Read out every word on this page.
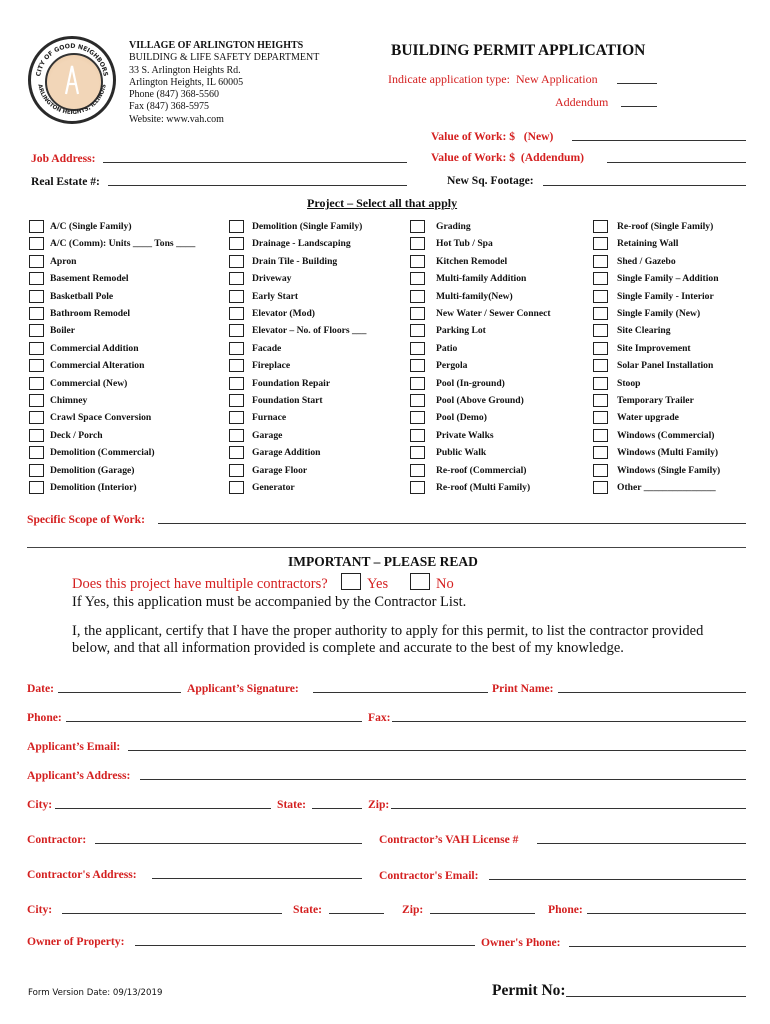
CITY OF GOOD NEIGHBORS
ARLINGTON HEIGHTS, ILLINOIS
VILLAGE OF ARLINGTON HEIGHTS
BUILDING & LIFE SAFETY DEPARTMENT
33 S. Arlington Heights Rd.
Arlington Heights, IL 60005
Phone (847) 368-5560
Fax (847) 368-5975
Website: www.vah.com
BUILDING PERMIT APPLICATION
Indicate application type: New Application
Addendum
Value of Work: $ (New)
Value of Work: $ (Addendum)
Job Address:
Real Estate #:	New Sq. Footage:
Project – Select all that apply
A/C (Single Family)
A/C (Comm): Units ____ Tons ____
Apron
Basement Remodel
Basketball Pole
Bathroom Remodel
Boiler
Commercial Addition
Commercial Alteration
Commercial (New)
Chimney
Crawl Space Conversion
Deck / Porch
Demolition (Commercial)
Demolition (Garage)
Demolition (Interior)
Demolition (Single Family)
Drainage - Landscaping
Drain Tile - Building
Driveway
Early Start
Elevator (Mod)
Elevator – No. of Floors ___
Facade
Fireplace
Foundation Repair
Foundation Start
Furnace
Garage
Garage Addition
Garage Floor
Generator
Grading
Hot Tub / Spa
Kitchen Remodel
Multi-family Addition
Multi-family(New)
New Water / Sewer Connect
Parking Lot
Patio
Pergola
Pool (In-ground)
Pool (Above Ground)
Pool (Demo)
Private Walks
Public Walk
Re-roof (Commercial)
Re-roof (Multi Family)
Re-roof (Single Family)
Retaining Wall
Shed / Gazebo
Single Family – Addition
Single Family - Interior
Single Family (New)
Site Clearing
Site Improvement
Solar Panel Installation
Stoop
Temporary Trailer
Water upgrade
Windows (Commercial)
Windows (Multi Family)
Windows (Single Family)
Other _______________
Specific Scope of Work:
IMPORTANT – PLEASE READ
Does this project have multiple contractors?	Yes	No
If Yes, this application must be accompanied by the Contractor List.
I, the applicant, certify that I have the proper authority to apply for this permit, to list the contractor provided
below, and that all information provided is complete and accurate to the best of my knowledge.
Date:	Applicant’s Signature:	Print Name:
Phone:	Fax:
Applicant’s Email:
Applicant’s Address:
City:	State:	Zip:
Contractor:	Contractor’s VAH License #
Contractor's Address:	Contractor's Email:
City:	State:	Zip:	Phone:
Owner of Property:	Owner's Phone:
Form Version Date: 09/13/2019	Permit No:
